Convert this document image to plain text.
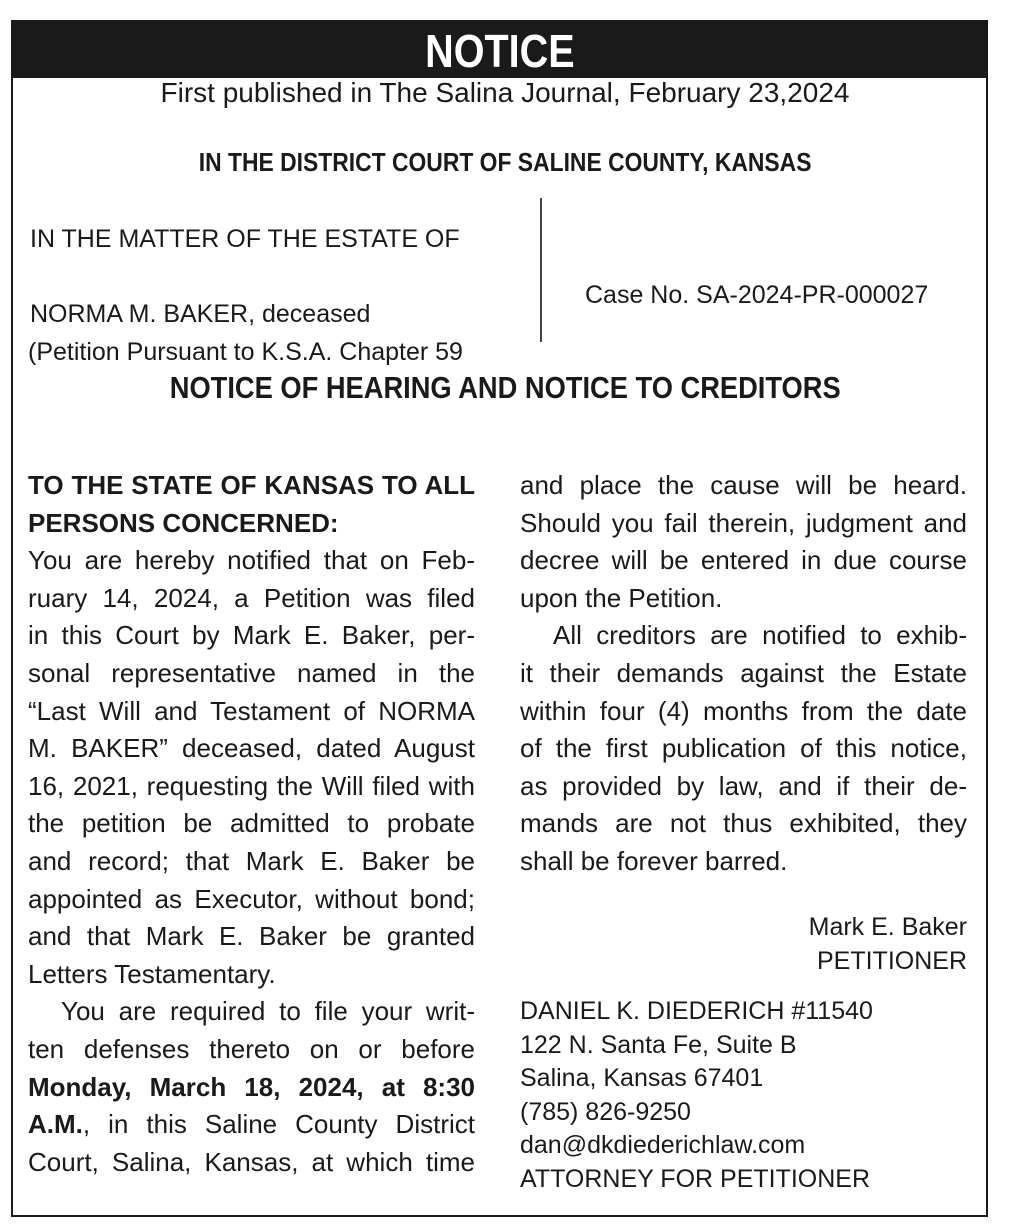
NOTICE
First published in The Salina Journal, February 23,2024
IN THE DISTRICT COURT OF SALINE COUNTY, KANSAS
IN THE MATTER OF THE ESTATE OF
NORMA M. BAKER, deceased
(Petition Pursuant to K.S.A. Chapter 59
Case No. SA-2024-PR-000027
NOTICE OF HEARING AND NOTICE TO CREDITORS

TO THE STATE OF KANSAS TO ALL

PERSONS CONCERNED:

You are hereby notified that on Feb-

ruary 14, 2024, a Petition was filed

in this Court by Mark E. Baker, per-

sonal representative named in the

“Last Will and Testament of NORMA

M. BAKER” deceased, dated August

16, 2021, requesting the Will filed with

the petition be admitted to probate

and record; that Mark E. Baker be

appointed as Executor, without bond;

and that Mark E. Baker be granted

Letters Testamentary.

You are required to file your writ-

ten defenses thereto on or before

Monday, March 18, 2024, at 8:30

A.M., in this Saline County District

Court, Salina, Kansas, at which time

and place the cause will be heard.

Should you fail therein, judgment and

decree will be entered in due course

upon the Petition.

All creditors are notified to exhib-

it their demands against the Estate

within four (4) months from the date

of the first publication of this notice,

as provided by law, and if their de-

mands are not thus exhibited, they

shall be forever barred.

Mark E. Baker

PETITIONER

DANIEL K. DIEDERICH #11540

122 N. Santa Fe, Suite B

Salina, Kansas 67401

(785) 826-9250

dan@dkdiederichlaw.com

ATTORNEY FOR PETITIONER
